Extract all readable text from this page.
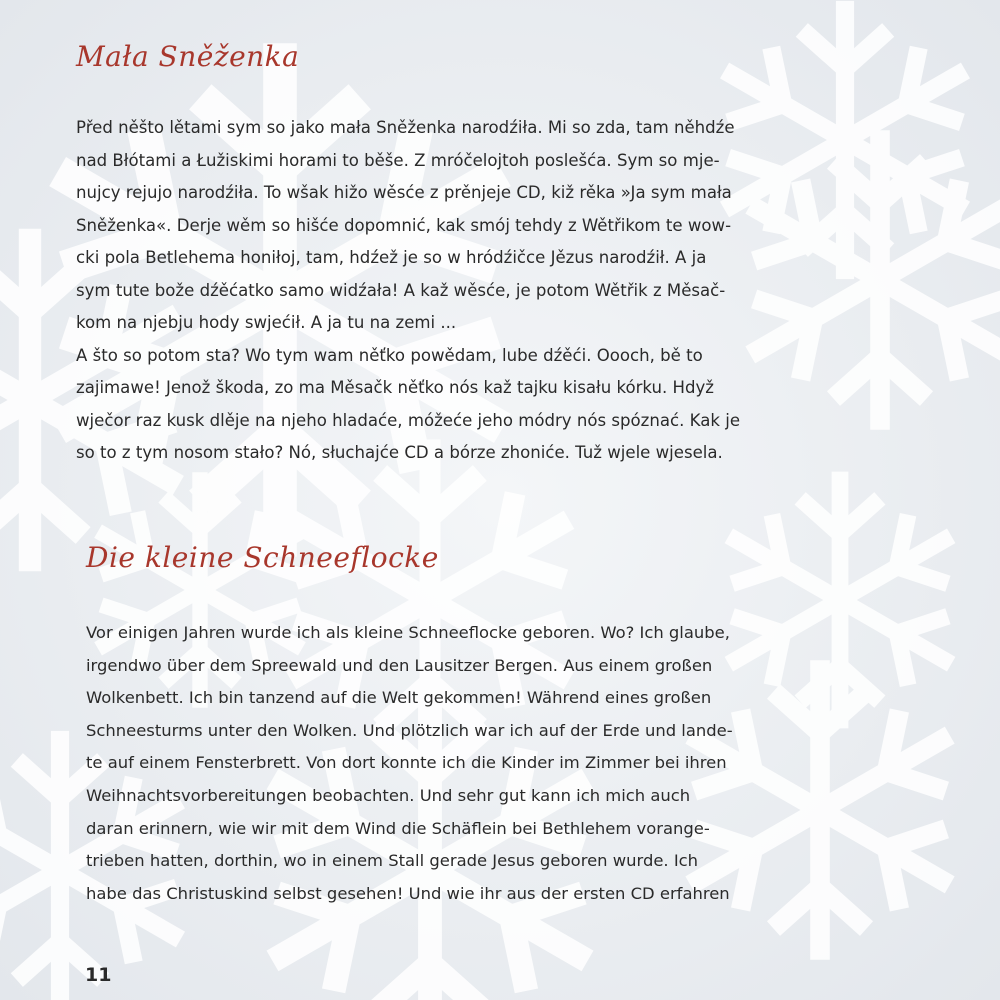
Mała Sněženka
Před něšto lětami sym so jako mała Sněženka narodźiła. Mi so zda, tam něhdźe
nad Błótami a Łužiskimi horami to běše. Z mróčelojtoh poslešća. Sym so mje-
nujcy rejujo narodźiła. To wšak hižo wěsće z prěnjeje CD, kiž rěka »Ja sym mała
Sněženka«. Derje wěm so hišće dopomnić, kak smój tehdy z Wětřikom te wow-
cki pola Betlehema honiłoj, tam, hdźež je so w hródźičce Jězus narodźił. A ja
sym tute bože dźěćatko samo widźała! A kaž wěsće, je potom Wětřik z Měsač-
kom na njebju hody swjećił. A ja tu na zemi ...
A što so potom sta? Wo tym wam něťko powědam, lube dźěći. Oooch, bě to
zajimawe! Jenož škoda, zo ma Měsačk něťko nós kaž tajku kisału kórku. Hdyž
wječor raz kusk dlěje na njeho hladaće, móžeće jeho módry nós spóznać. Kak je
so to z tym nosom stało? Nó, słuchajće CD a bórze zhoniće. Tuž wjele wjesela.
Die kleine Schneeflocke
Vor einigen Jahren wurde ich als kleine Schneeflocke geboren. Wo? Ich glaube,
irgendwo über dem Spreewald und den Lausitzer Bergen. Aus einem großen
Wolkenbett. Ich bin tanzend auf die Welt gekommen! Während eines großen
Schneesturms unter den Wolken. Und plötzlich war ich auf der Erde und lande-
te auf einem Fensterbrett. Von dort konnte ich die Kinder im Zimmer bei ihren
Weihnachtsvorbereitungen beobachten. Und sehr gut kann ich mich auch
daran erinnern, wie wir mit dem Wind die Schäflein bei Bethlehem vorange-
trieben hatten, dorthin, wo in einem Stall gerade Jesus geboren wurde. Ich
habe das Christuskind selbst gesehen! Und wie ihr aus der ersten CD erfahren
11
